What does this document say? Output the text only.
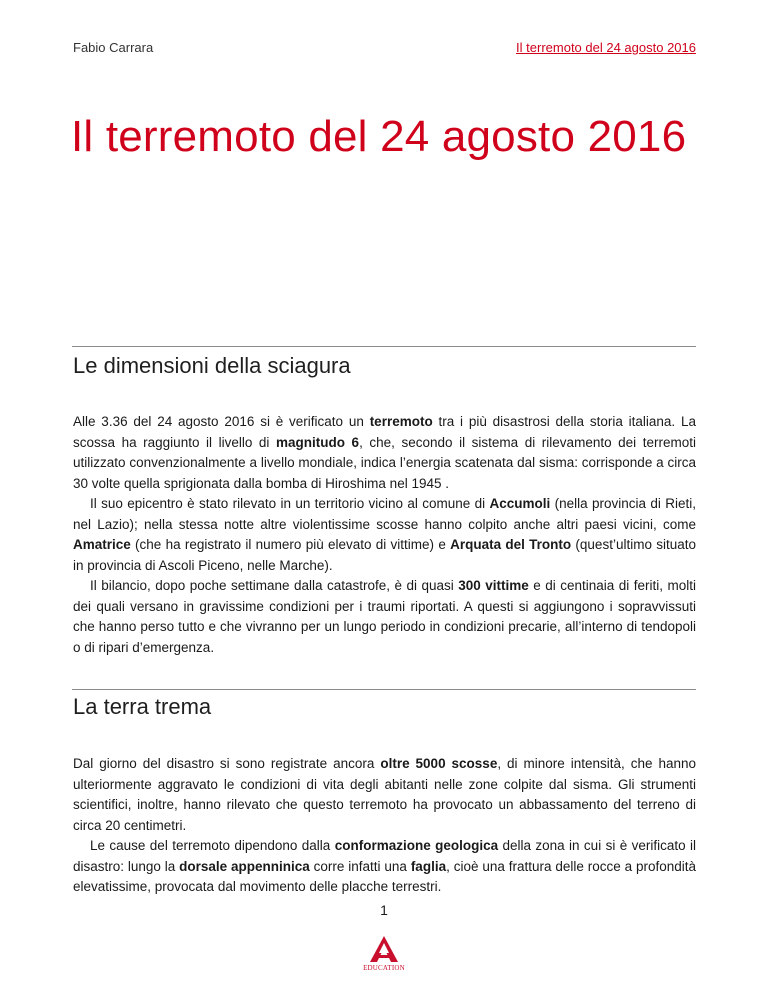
Fabio Carrara	Il terremoto del 24 agosto 2016
Il terremoto del 24 agosto 2016
Le dimensioni della sciagura

Alle 3.36 del 24 agosto 2016 si è verificato un terremoto tra i più disastrosi della storia italiana. La scossa ha raggiunto il livello di magnitudo 6, che, secondo il sistema di rilevamento dei terremoti utilizzato convenzionalmente a livello mondiale, indica l’energia scatenata dal sisma: corrisponde a circa 30 volte quella sprigionata dalla bomba di Hiroshima nel 1945 .

Il suo epicentro è stato rilevato in un territorio vicino al comune di Accumoli (nella provincia di Rieti, nel Lazio); nella stessa notte altre violentissime scosse hanno colpito anche altri paesi vicini, come Amatrice (che ha registrato il numero più elevato di vittime) e Arquata del Tronto (quest’ultimo situato in provincia di Ascoli Piceno, nelle Marche).

Il bilancio, dopo poche settimane dalla catastrofe, è di quasi 300 vittime e di centinaia di feriti, molti dei quali versano in gravissime condizioni per i traumi riportati. A questi si aggiungono i sopravvissuti che hanno perso tutto e che vivranno per un lungo periodo in condizioni precarie, all’interno di tendopoli o di ripari d’emergenza.

La terra trema

Dal giorno del disastro si sono registrate ancora oltre 5000 scosse, di minore intensità, che hanno ulteriormente aggravato le condizioni di vita degli abitanti nelle zone colpite dal sisma. Gli strumenti scientifici, inoltre, hanno rilevato che questo terremoto ha provocato un abbassamento del terreno di circa 20 centimetri.

Le cause del terremoto dipendono dalla conformazione geologica della zona in cui si è verificato il disastro: lungo la dorsale appenninica corre infatti una faglia, cioè una frattura delle rocce a profondità elevatissime, provocata dal movimento delle placche terrestri.

1
EDUCATION
